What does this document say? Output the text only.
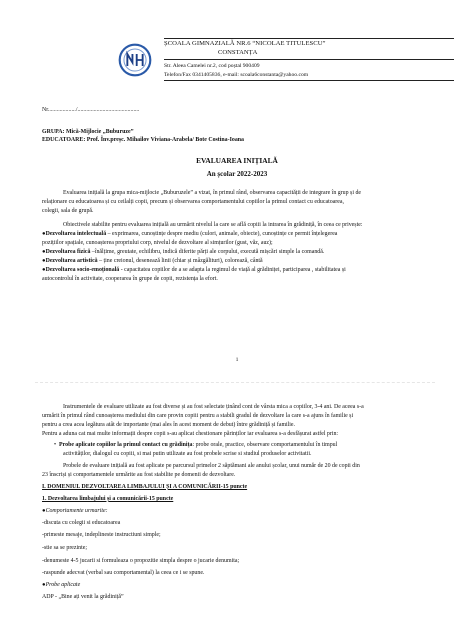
ȘCOALA GIMNAZIALĂ NR.6 “NICOLAE TITULESCU”
CONSTANȚA
Str. Aleea Camelei nr.2, cod poștal 900409
Telefon/Fax 0341405836, e-mail: scoala6constanta@yahoo.com
Nr.................../..........................................
GRUPA: Mică-Mijlocie „Buburuze”
EDUCATOARE: Prof. Înv.preșc. Mihailov Viviana-Arabela/ Bote Costina-Ioana
EVALUAREA INIȚIALĂ
An școlar 2022-2023
Evaluarea inițială la grupa mica-mijlocie „Buburuzele” a vizat, în primul rând, observarea capacității de integrare în grup și de
relaționare cu educatoarea și cu ceilalți copii, precum și observarea comportamentului copiilor la primul contact cu educatoarea,
colegii, sala de grupă.
Obiectivele stabilite pentru evaluarea inițială au urmărit nivelul la care se află copiii la intrarea în grădiniță, în ceea ce privește:
●Dezvoltarea intelectuală – exprimarea, cunoștințe despre mediu (culori, animale, obiecte), cunoștințe ce permit înțelegerea
pozițiilor spațiale, cunoașterea propriului corp, nivelul de dezvoltare al simțurilor (gust, văz, auz);
●Dezvoltarea fizică –înălțime, greutate, echilibru, indică diferite părți ale corpului, execută mișcări simple la comandă.
●Dezvoltarea artistică – ține creionul, desenează linii (chiar și mâzgălituri), colorează, cântă
●Dezvoltarea socio-emoțională - capacitatea copiilor de a se adapta la regimul de viață al grădiniței, participarea , stabilitatea și
autocontrolul în activitate, cooperarea în grupe de copii, rezistența la efort.
1
Instrumentele de evaluare utilizate au fost diverse și au fost selectate ținând cont de vârsta mica a copiilor, 3-4 ani. De aceea s-a
urmărit în primul rând cunoașterea mediului din care provin copiii pentru a stabili gradul de dezvoltare la care s-a ajuns în familie și
pentru a crea acea legătura atât de importante (mai ales în acest moment de debut) între grădiniță și familie.
Pentru a aduna cat mai multe informații despre copii s-au aplicat chestionare părinților iar evaluarea s-a desfășurat astfel prin:
•  Probe aplicate copiilor la primul contact cu grădinița: probe orale, practice, observare comportamentului în timpul
activităților, dialogul cu copiii, si mai putin utilizate au fost probele scrise si studiul produselor activitatii.
Probele de evaluare inițială au fost aplicate pe parcursul primelor 2 săptămani ale anului școlar, unui număr de 20 de copii din
23 înscriși și comportamentele urmărite au fost stabilite pe domenii de dezvoltare.
I. DOMENIUL DEZVOLTAREA LIMBAJULUI ȘI A COMUNICĂRII-15 puncte
1. Dezvoltarea limbajului și a comunicării-15 puncte
●Comportamente urmarite:
-discuta cu colegii si educatoarea
-primeste mesaje, indeplineste instructiuni simple;
-stie sa se prezinte;
-denumeste 4-5 jucarii si formuleaza o propozitie simpla despre o jucarie denumita;
-raspunde adecvat (verbal sau comportamental) la ceea ce i se spune.
●Probe aplicate
ADP - „Bine ați venit la grădiniță”
